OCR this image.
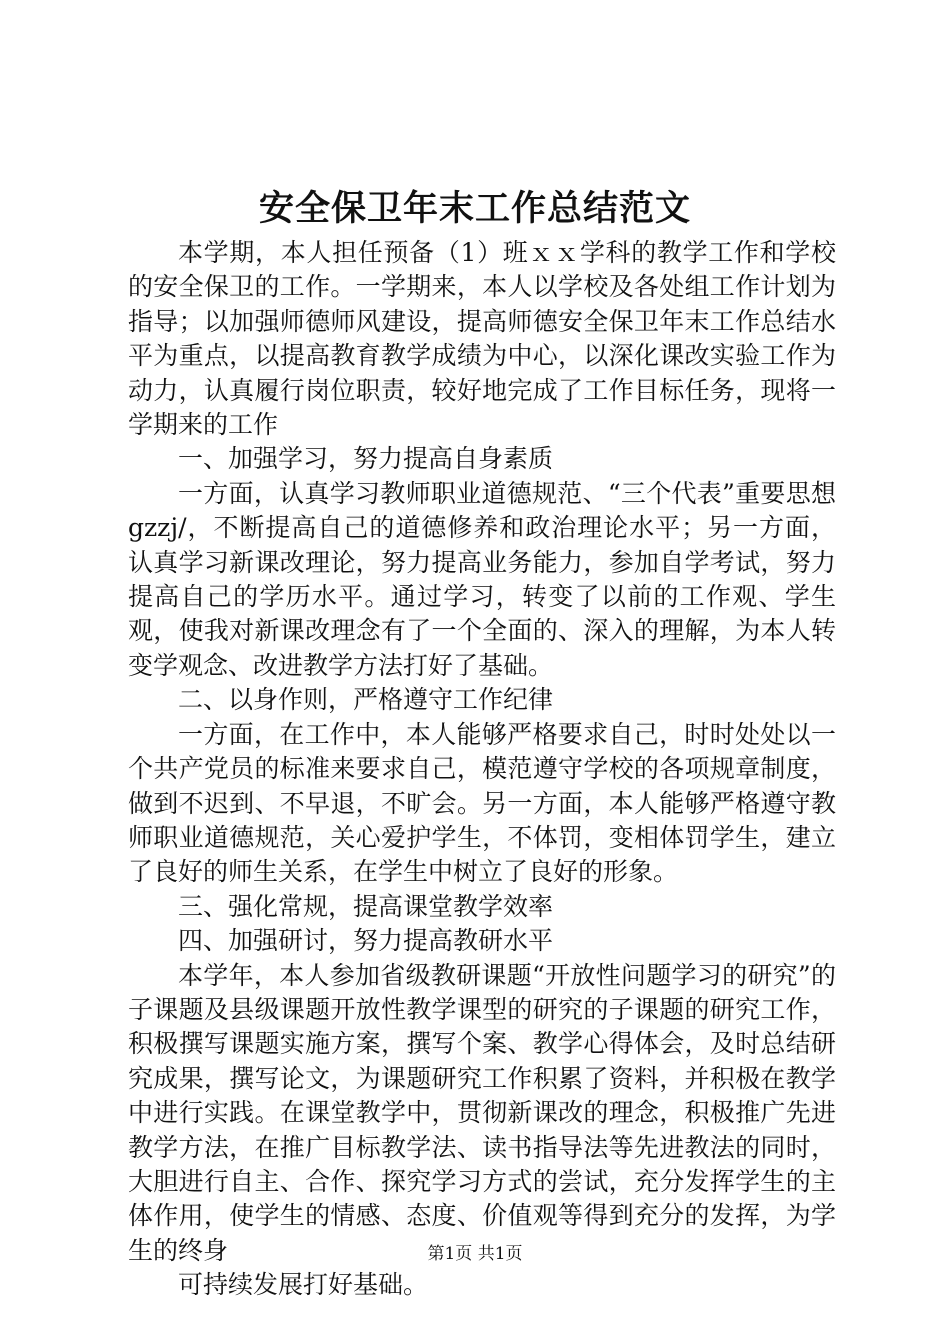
安全保卫年末工作总结范文

本学期，本人担任预备（1）班ｘｘ学科的教学工作和学校的安全保卫的工作。一学期来，本人以学校及各处组工作计划为指导；以加强师德师风建设，提高师德安全保卫年末工作总结水平为重点，以提高教育教学成绩为中心，以深化课改实验工作为动力，认真履行岗位职责，较好地完成了工作目标任务，现将一学期来的工作

一、加强学习，努力提高自身素质

一方面，认真学习教师职业道德规范、“三个代表”重要思想gzzj/，不断提高自己的道德修养和政治理论水平；另一方面，认真学习新课改理论，努力提高业务能力，参加自学考试，努力提高自己的学历水平。通过学习，转变了以前的工作观、学生观，使我对新课改理念有了一个全面的、深入的理解，为本人转变学观念、改进教学方法打好了基础。

二、以身作则，严格遵守工作纪律

一方面，在工作中，本人能够严格要求自己，时时处处以一个共产党员的标准来要求自己，模范遵守学校的各项规章制度，做到不迟到、不早退，不旷会。另一方面，本人能够严格遵守教师职业道德规范，关心爱护学生，不体罚，变相体罚学生，建立了良好的师生关系，在学生中树立了良好的形象。

三、强化常规，提高课堂教学效率

四、加强研讨，努力提高教研水平

本学年，本人参加省级教研课题“开放性问题学习的研究”的子课题及县级课题开放性教学课型的研究的子课题的研究工作，积极撰写课题实施方案，撰写个案、教学心得体会，及时总结研究成果，撰写论文，为课题研究工作积累了资料，并积极在教学中进行实践。在课堂教学中，贯彻新课改的理念，积极推广先进教学方法，在推广目标教学法、读书指导法等先进教法的同时，大胆进行自主、合作、探究学习方式的尝试，充分发挥学生的主体作用，使学生的情感、态度、价值观等得到充分的发挥，为学生的终身

可持续发展打好基础。

第1页 共1页
